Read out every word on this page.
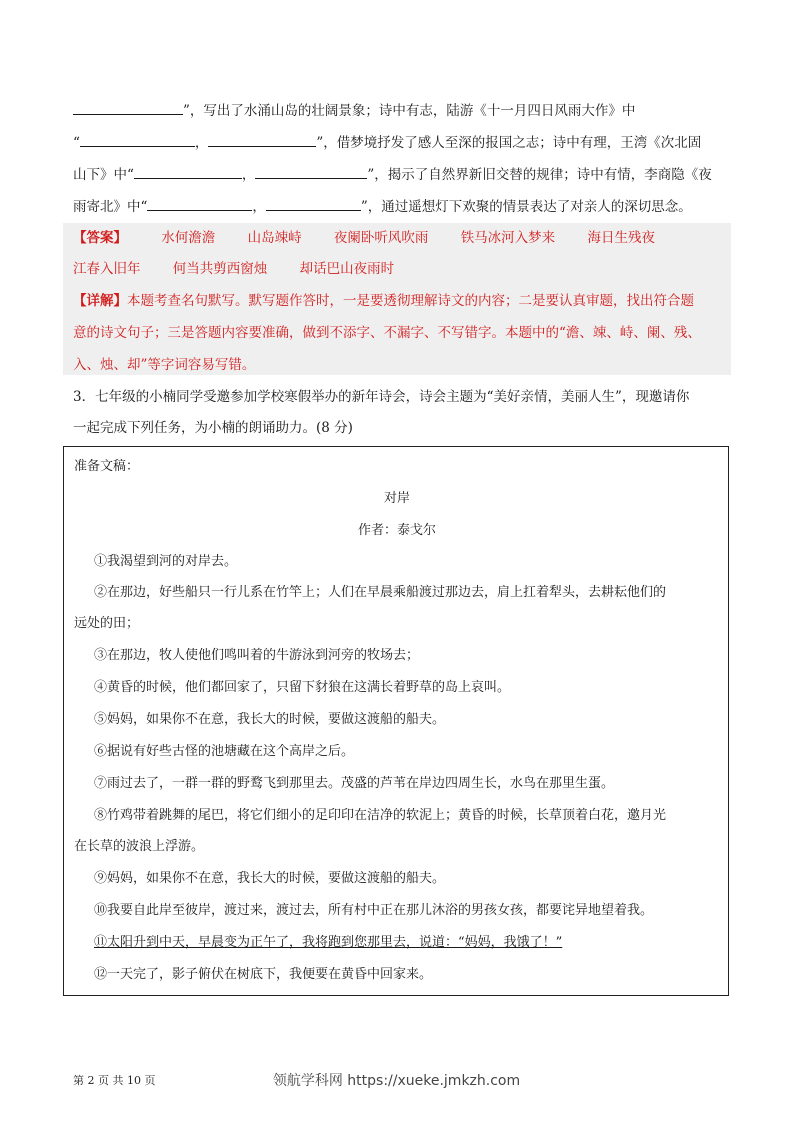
”，写出了水涌山岛的壮阔景象；诗中有志，陆游《十一月四日风雨大作》中
“	，	”，借梦境抒发了感人至深的报国之志；诗中有理，王湾《次北固
山下》中“	，	”，揭示了自然界新旧交替的规律；诗中有情，李商隐《夜
雨寄北》中“	，	”，通过遥想灯下欢聚的情景表达了对亲人的深切思念。
【答案】	水何澹澹 山岛竦峙 夜阑卧听风吹雨 铁马冰河入梦来 海日生残夜
江春入旧年 何当共剪西窗烛 却话巴山夜雨时
【详解】本题考查名句默写。默写题作答时，一是要透彻理解诗文的内容；二是要认真审题，找出符合题
意的诗文句子；三是答题内容要准确，做到不添字、不漏字、不写错字。本题中的“澹、竦、峙、阑、残、
入、烛、却”等字词容易写错。
3．七年级的小楠同学受邀参加学校寒假举办的新年诗会，诗会主题为“美好亲情，美丽人生”，现邀请你
一起完成下列任务，为小楠的朗诵助力。(8 分)
准备文稿：
对岸
作者：泰戈尔
①我渴望到河的对岸去。
②在那边，好些船只一行儿系在竹竿上；人们在早晨乘船渡过那边去，肩上扛着犁头，去耕耘他们的
远处的田；
③在那边，牧人使他们鸣叫着的牛游泳到河旁的牧场去；
④黄昏的时候，他们都回家了，只留下豺狼在这满长着野草的岛上哀叫。
⑤妈妈，如果你不在意，我长大的时候，要做这渡船的船夫。
⑥据说有好些古怪的池塘藏在这个高岸之后。
⑦雨过去了，一群一群的野鹜飞到那里去。茂盛的芦苇在岸边四周生长，水鸟在那里生蛋。
⑧竹鸡带着跳舞的尾巴，将它们细小的足印印在洁净的软泥上；黄昏的时候，长草顶着白花，邀月光
在长草的波浪上浮游。
⑨妈妈，如果你不在意，我长大的时候，要做这渡船的船夫。
⑩我要自此岸至彼岸，渡过来，渡过去，所有村中正在那儿沐浴的男孩女孩，都要诧异地望着我。
⑪太阳升到中天，早晨变为正午了，我将跑到您那里去，说道：“妈妈，我饿了！”
⑫一天完了，影子俯伏在树底下，我便要在黄昏中回家来。
第 2 页 共 10 页	领航学科网 https://xueke.jmkzh.com
